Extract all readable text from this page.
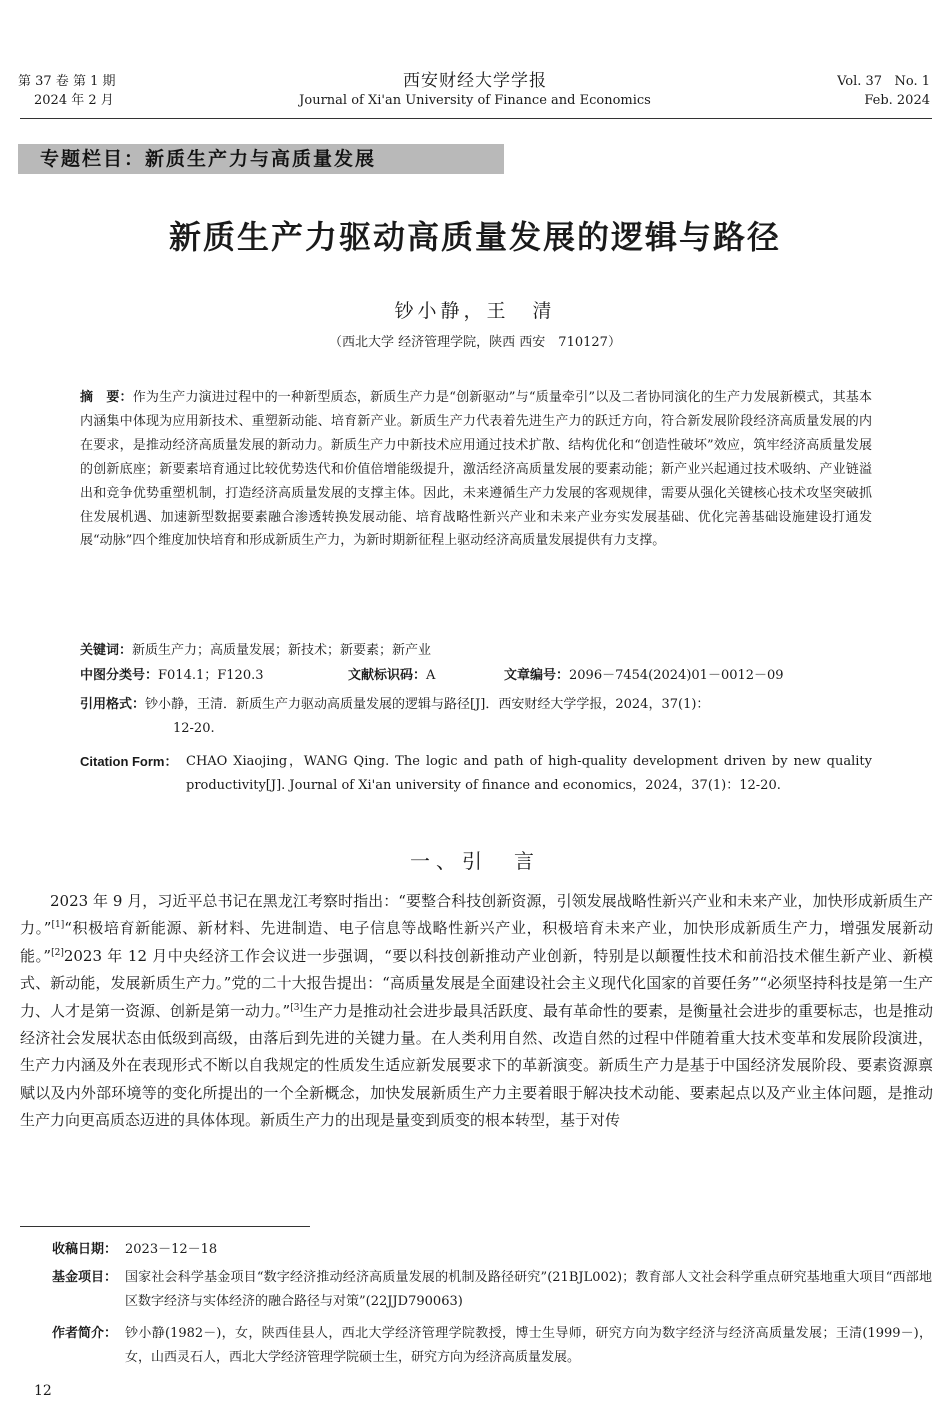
第 37 卷 第 1 期
2024 年 2 月
西安财经大学学报
Journal of Xi'an University of Finance and Economics
Vol. 37   No. 1
Feb. 2024
专题栏目：新质生产力与高质量发展
新质生产力驱动高质量发展的逻辑与路径
钞小静，王　清
（西北大学 经济管理学院，陕西 西安　710127）
摘　要：作为生产力演进过程中的一种新型质态，新质生产力是“创新驱动”与“质量牵引”以及二者协同演化的生产力发展新模式，其基本内涵集中体现为应用新技术、重塑新动能、培育新产业。新质生产力代表着先进生产力的跃迁方向，符合新发展阶段经济高质量发展的内在要求，是推动经济高质量发展的新动力。新质生产力中新技术应用通过技术扩散、结构优化和“创造性破坏”效应，筑牢经济高质量发展的创新底座；新要素培育通过比较优势迭代和价值倍增能级提升，激活经济高质量发展的要素动能；新产业兴起通过技术吸纳、产业链溢出和竞争优势重塑机制，打造经济高质量发展的支撑主体。因此，未来遵循生产力发展的客观规律，需要从强化关键核心技术攻坚突破抓住发展机遇、加速新型数据要素融合渗透转换发展动能、培育战略性新兴产业和未来产业夯实发展基础、优化完善基础设施建设打通发展“动脉”四个维度加快培育和形成新质生产力，为新时期新征程上驱动经济高质量发展提供有力支撑。
关键词：新质生产力；高质量发展；新技术；新要素；新产业
中图分类号：F014.1；F120.3	文献标识码：A	文章编号：2096－7454(2024)01－0012－09
引用格式：钞小静，王清．新质生产力驱动高质量发展的逻辑与路径[J]．西安财经大学学报，2024，37(1)：
12-20.
Citation Form： CHAO Xiaojing，WANG Qing. The logic and path of high-quality development driven by new quality productivity[J]. Journal of Xi'an university of finance and economics，2024，37(1)：12-20.
一、引　言
2023 年 9 月，习近平总书记在黑龙江考察时指出：“要整合科技创新资源，引领发展战略性新兴产业和未来产业，加快形成新质生产力。”[1]“积极培育新能源、新材料、先进制造、电子信息等战略性新兴产业，积极培育未来产业，加快形成新质生产力，增强发展新动能。”[2]2023 年 12 月中央经济工作会议进一步强调，“要以科技创新推动产业创新，特别是以颠覆性技术和前沿技术催生新产业、新模式、新动能，发展新质生产力。”党的二十大报告提出：“高质量发展是全面建设社会主义现代化国家的首要任务”“必须坚持科技是第一生产力、人才是第一资源、创新是第一动力。”[3]生产力是推动社会进步最具活跃度、最有革命性的要素，是衡量社会进步的重要标志，也是推动经济社会发展状态由低级到高级，由落后到先进的关键力量。在人类利用自然、改造自然的过程中伴随着重大技术变革和发展阶段演进，生产力内涵及外在表现形式不断以自我规定的性质发生适应新发展要求下的革新演变。新质生产力是基于中国经济发展阶段、要素资源禀赋以及内外部环境等的变化所提出的一个全新概念，加快发展新质生产力主要着眼于解决技术动能、要素起点以及产业主体问题，是推动生产力向更高质态迈进的具体体现。新质生产力的出现是量变到质变的根本转型，基于对传
收稿日期： 2023－12－18
基金项目： 国家社会科学基金项目“数字经济推动经济高质量发展的机制及路径研究”(21BJL002)；教育部人文社会科学重点研究基地重大项目“西部地区数字经济与实体经济的融合路径与对策”(22JJD790063)
作者简介： 钞小静(1982－)，女，陕西佳县人，西北大学经济管理学院教授，博士生导师，研究方向为数字经济与经济高质量发展；王清(1999－)，女，山西灵石人，西北大学经济管理学院硕士生，研究方向为经济高质量发展。
12
